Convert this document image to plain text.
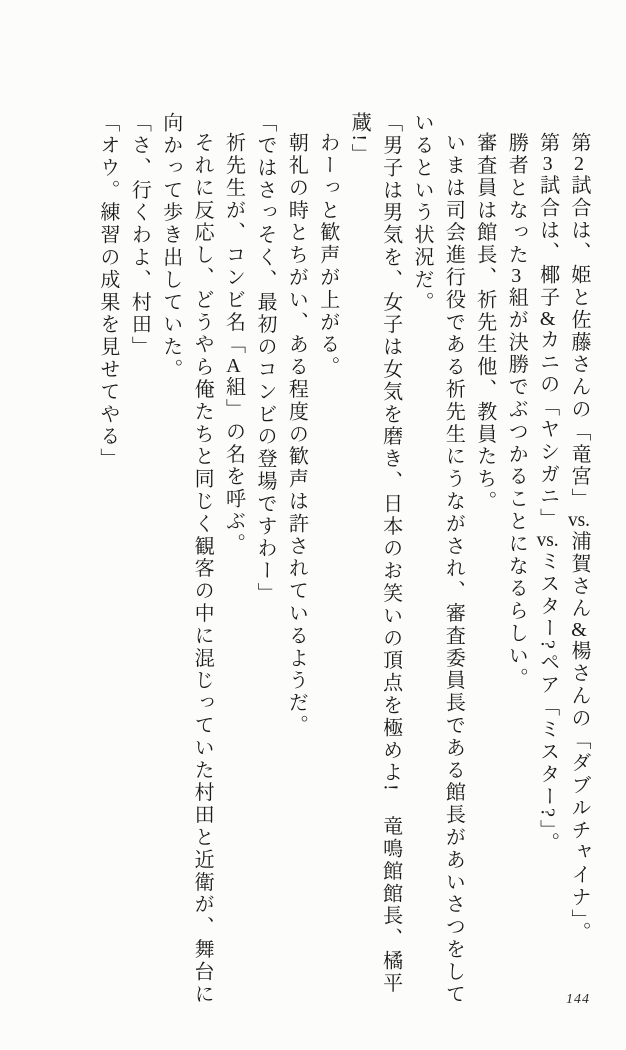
第2試合は、姫と佐藤さんの「竜宮」vs.浦賀さん&楊さんの「ダブルチャイナ」。

第3試合は、椰子&カニの「ヤシガニ」vs.ミスター?ペア「ミスター?」。

勝者となった3組が決勝でぶつかることになるらしい。

審査員は館長、祈先生他、教員たち。

いまは司会進行役である祈先生にうながされ、審査委員長である館長があいさつをしているという状況だ。

「男子は男気を、女子は女気を磨き、日本のお笑いの頂点を極めよ!　竜鳴館館長、橘平蔵!」

わーっと歓声が上がる。

朝礼の時とちがい、ある程度の歓声は許されているようだ。

「ではさっそく、最初のコンビの登場ですわー」

祈先生が、コンビ名「A組」の名を呼ぶ。

それに反応し、どうやら俺たちと同じく観客の中に混じっていた村田と近衛が、舞台に向かって歩き出していた。

「さ、行くわよ、村田」

「オウ。練習の成果を見せてやる」

144
